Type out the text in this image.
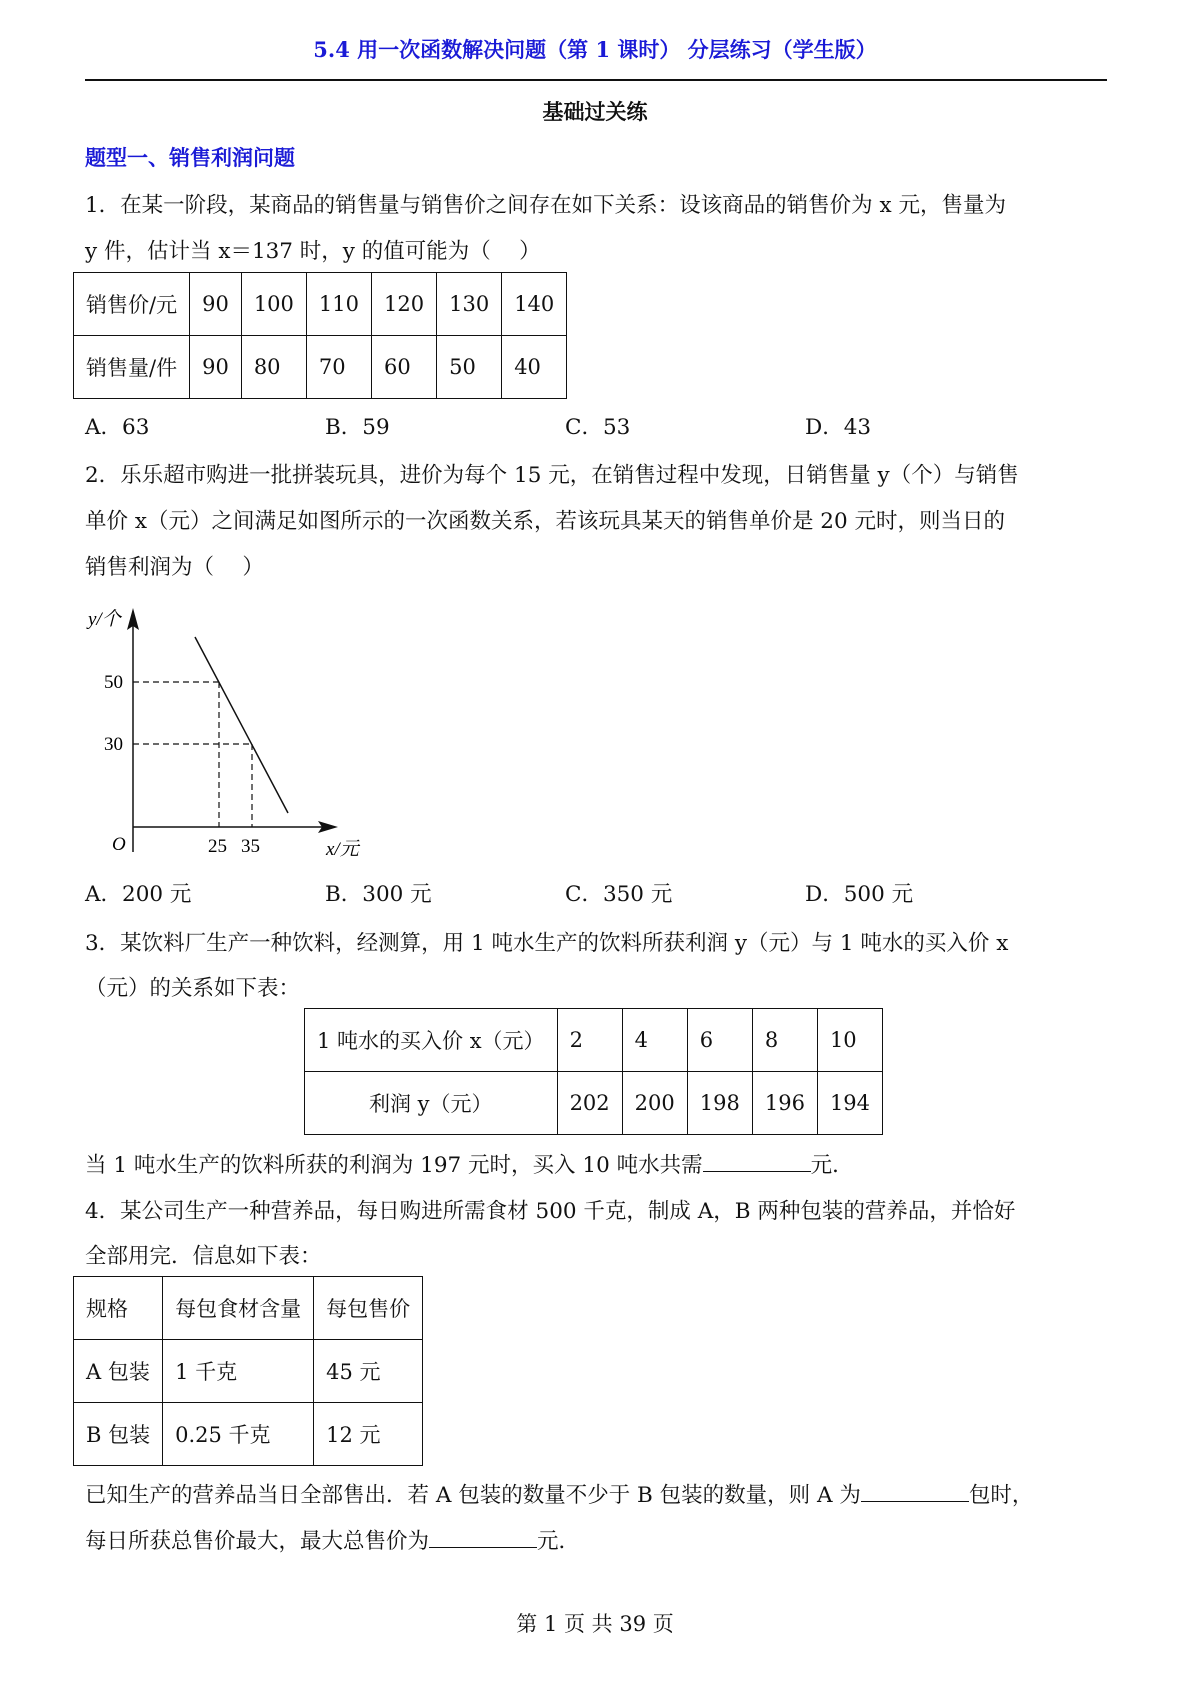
5.4 用一次函数解决问题（第 1 课时） 分层练习（学生版）
基础过关练
题型一、销售利润问题
1．在某一阶段，某商品的销售量与销售价之间存在如下关系：设该商品的销售价为 x 元，售量为
y 件，估计当 x＝137 时，y 的值可能为（　 ）
销售价/元	90	100	110	120	130	140
销售量/件	90	80	70	60	50	40
A．63	B．59	C．53	D．43
2．乐乐超市购进一批拼装玩具，进价为每个 15 元，在销售过程中发现，日销售量 y（个）与销售
单价 x（元）之间满足如图所示的一次函数关系，若该玩具某天的销售单价是 20 元时，则当日的
销售利润为（　 ）
y/个
50
30
O	25 35	x/元
A．200 元	B．300 元	C．350 元	D．500 元
3．某饮料厂生产一种饮料，经测算，用 1 吨水生产的饮料所获利润 y（元）与 1 吨水的买入价 x
（元）的关系如下表：
1 吨水的买入价 x（元）	2	4	6	8	10
利润 y（元）	202	200	198	196	194
当 1 吨水生产的饮料所获的利润为 197 元时，买入 10 吨水共需	元．
4．某公司生产一种营养品，每日购进所需食材 500 千克，制成 A，B 两种包装的营养品，并恰好
全部用完．信息如下表：
规格	每包食材含量	每包售价
A 包装	1 千克	45 元
B 包装	0.25 千克	12 元
已知生产的营养品当日全部售出．若 A 包装的数量不少于 B 包装的数量，则 A 为	包时，
每日所获总售价最大，最大总售价为	元．
第 1 页 共 39 页
